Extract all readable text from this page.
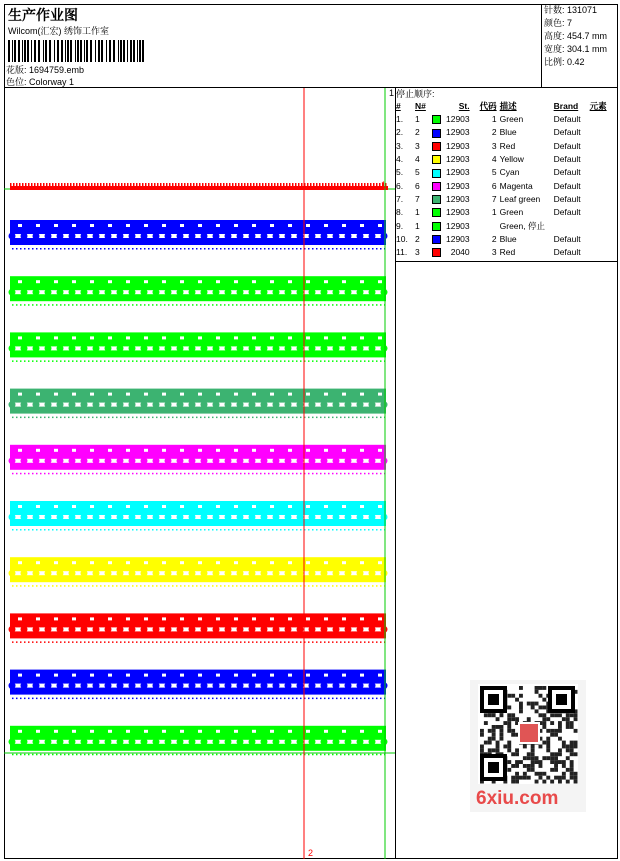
生产作业图
Wilcom(汇宏) 绣饰工作室
花版: 1694759.emb
色位: Colorway 1
针数: 131071
颜色: 7
高度: 454.7 mm
宽度: 304.1 mm
比例: 0.42
1
1
2
停止顺序:
#	N#		St.	代码	描述	Brand	元素
1.	1		12903	1	Green	Default	
2.	2		12903	2	Blue	Default	
3.	3		12903	3	Red	Default	
4.	4		12903	4	Yellow	Default	
5.	5		12903	5	Cyan	Default	
6.	6		12903	6	Magenta	Default	
7.	7		12903	7	Leaf green	Default	
8.	1		12903	1	Green	Default	
9.	1		12903		Green, 停止		
10.	2		12903	2	Blue	Default	
11.	3		2040	3	Red	Default	
6xiu.com
